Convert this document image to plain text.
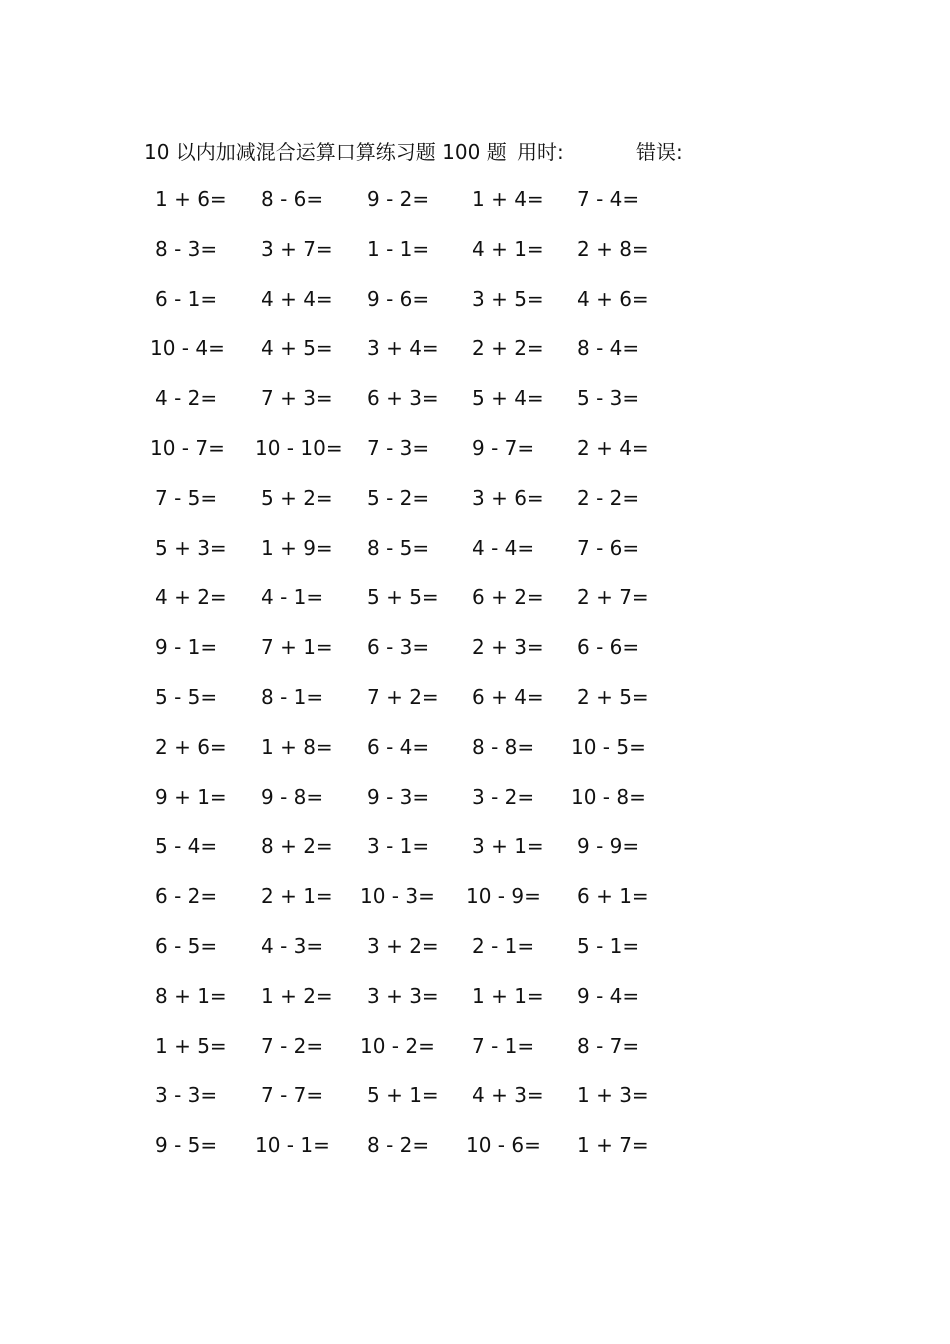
10 以内加减混合运算口算练习题 100 题 用时:	错误:
1 + 6= 8 - 6= 9 - 2= 1 + 4= 7 - 4=
8 - 3= 3 + 7= 1 - 1= 4 + 1= 2 + 8=
6 - 1= 4 + 4= 9 - 6= 3 + 5= 4 + 6=
10 - 4= 4 + 5= 3 + 4= 2 + 2= 8 - 4=
4 - 2= 7 + 3= 6 + 3= 5 + 4= 5 - 3=
10 - 7= 10 - 10= 7 - 3= 9 - 7= 2 + 4=
7 - 5= 5 + 2= 5 - 2= 3 + 6= 2 - 2=
5 + 3= 1 + 9= 8 - 5= 4 - 4= 7 - 6=
4 + 2= 4 - 1= 5 + 5= 6 + 2= 2 + 7=
9 - 1= 7 + 1= 6 - 3= 2 + 3= 6 - 6=
5 - 5= 8 - 1= 7 + 2= 6 + 4= 2 + 5=
2 + 6= 1 + 8= 6 - 4= 8 - 8= 10 - 5=
9 + 1= 9 - 8= 9 - 3= 3 - 2= 10 - 8=
5 - 4= 8 + 2= 3 - 1= 3 + 1= 9 - 9=
6 - 2= 2 + 1= 10 - 3= 10 - 9= 6 + 1=
6 - 5= 4 - 3= 3 + 2= 2 - 1= 5 - 1=
8 + 1= 1 + 2= 3 + 3= 1 + 1= 9 - 4=
1 + 5= 7 - 2= 10 - 2= 7 - 1= 8 - 7=
3 - 3= 7 - 7= 5 + 1= 4 + 3= 1 + 3=
9 - 5= 10 - 1= 8 - 2= 10 - 6= 1 + 7=
